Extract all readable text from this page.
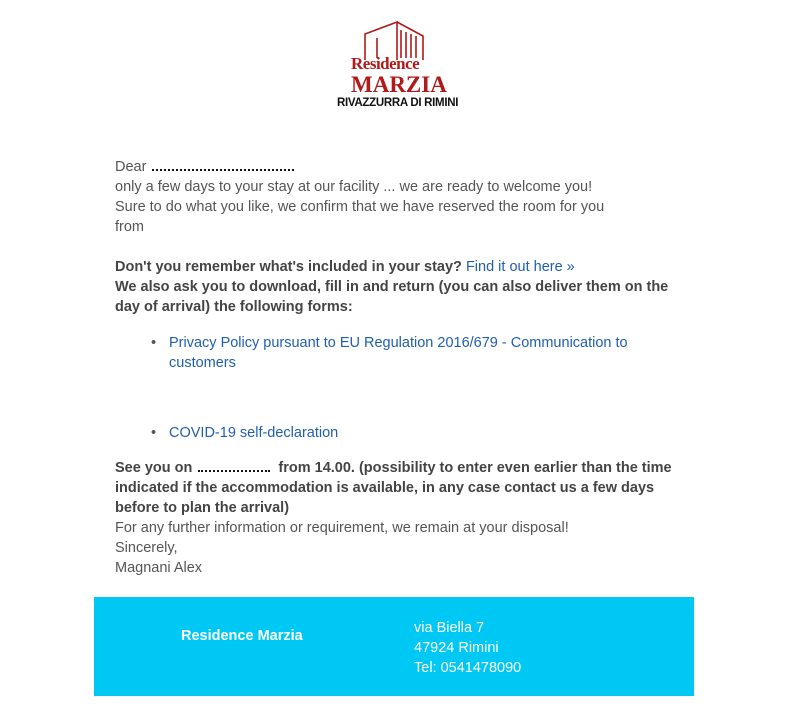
Residence
MARZIA
RIVAZZURRA DI RIMINI

Dear

only a few days to your stay at our facility ... we are ready to welcome you!

Sure to do what you like, we confirm that we have reserved the room for you

from

Don't you remember what's included in your stay? Find it out here »

We also ask you to download, fill in and return (you can also deliver them on the day of arrival) the following forms:

• Privacy Policy pursuant to EU Regulation 2016/679 - Communication to customers
• COVID-19 self-declaration

See you on	from 14.00. (possibility to enter even earlier than the time indicated if the accommodation is available, in any case contact us a few days before to plan the arrival)

For any further information or requirement, we remain at your disposal!

Sincerely,

Magnani Alex

Residence Marzia	via Biella 7
47924 Rimini
Tel: 0541478090
